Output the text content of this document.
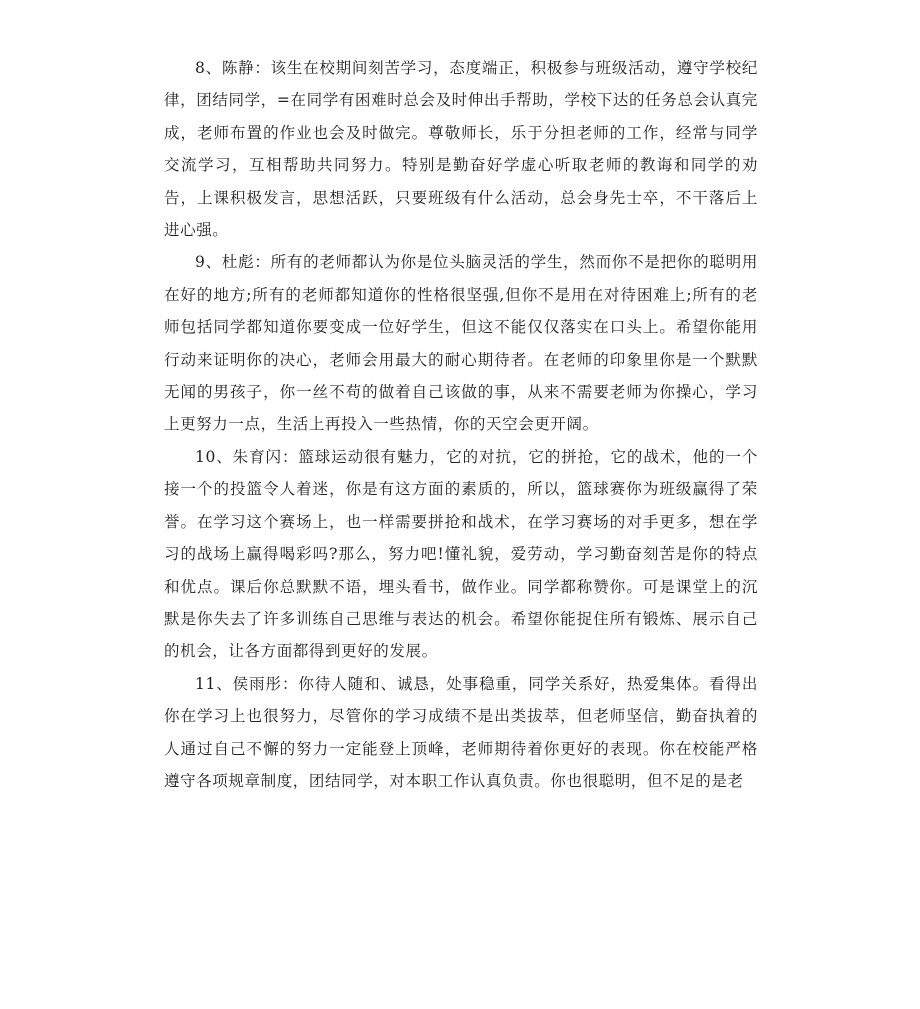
8、陈静：该生在校期间刻苦学习，态度端正，积极参与班级活动，遵守学校纪律，团结同学，=在同学有困难时总会及时伸出手帮助，学校下达的任务总会认真完成，老师布置的作业也会及时做完。尊敬师长，乐于分担老师的工作，经常与同学交流学习，互相帮助共同努力。特别是勤奋好学虚心听取老师的教诲和同学的劝告，上课积极发言，思想活跃，只要班级有什么活动，总会身先士卒，不干落后上进心强。

9、杜彪：所有的老师都认为你是位头脑灵活的学生，然而你不是把你的聪明用在好的地方;所有的老师都知道你的性格很坚强,但你不是用在对待困难上;所有的老师包括同学都知道你要变成一位好学生，但这不能仅仅落实在口头上。希望你能用行动来证明你的决心，老师会用最大的耐心期待者。在老师的印象里你是一个默默无闻的男孩子，你一丝不苟的做着自己该做的事，从来不需要老师为你操心，学习上更努力一点，生活上再投入一些热情，你的天空会更开阔。

10、朱育闪：篮球运动很有魅力，它的对抗，它的拼抢，它的战术，他的一个接一个的投篮令人着迷，你是有这方面的素质的，所以，篮球赛你为班级赢得了荣誉。在学习这个赛场上，也一样需要拼抢和战术，在学习赛场的对手更多，想在学习的战场上赢得喝彩吗?那么，努力吧!懂礼貌，爱劳动，学习勤奋刻苦是你的特点和优点。课后你总默默不语，埋头看书，做作业。同学都称赞你。可是课堂上的沉默是你失去了许多训练自己思维与表达的机会。希望你能捉住所有锻炼、展示自己的机会，让各方面都得到更好的发展。

11、侯雨彤：你待人随和、诚恳，处事稳重，同学关系好，热爱集体。看得出你在学习上也很努力，尽管你的学习成绩不是出类拔萃，但老师坚信，勤奋执着的人通过自己不懈的努力一定能登上顶峰，老师期待着你更好的表现。你在校能严格遵守各项规章制度，团结同学，对本职工作认真负责。你也很聪明，但不足的是老
